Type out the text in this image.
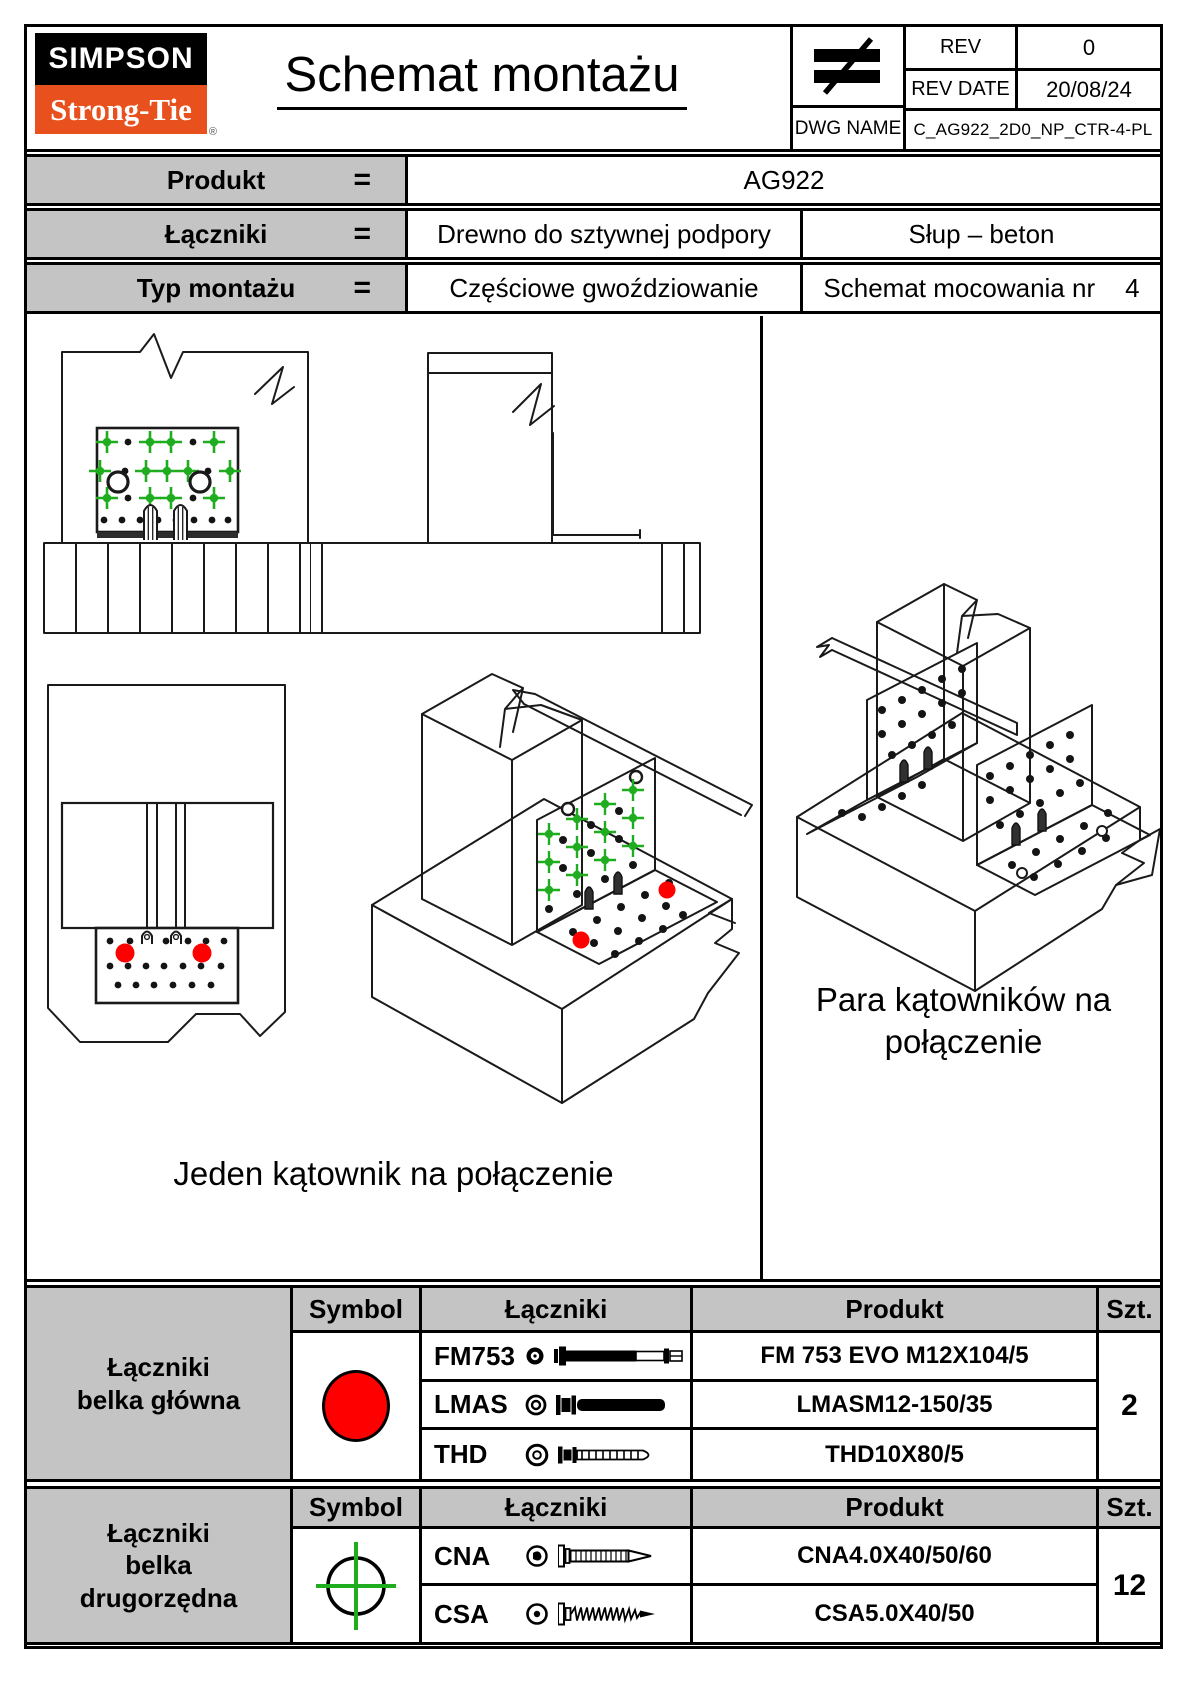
SIMPSON
Strong-Tie
®
Schemat montażu
REV	0
REV DATE	20/08/24
DWG NAME C_AG922_2D0_NP_CTR-4-PL
Produkt	=	AG922
Łączniki	=	Drewno do sztywnej podpory	Słup – beton
Typ montażu =	Częściowe gwoździowanie	Schemat mocowania nr 4
Jeden kątownik na połączenie
Para kątowników na
połączenie
Łączniki
belka główna
Symbol	Łączniki	Produkt	Szt.
FM753	FM 753 EVO M12X104/5
LMAS	LMASM12-150/35
THD	THD10X80/5
2
Łączniki
belka
drugorzędna
Symbol	Łączniki	Produkt	Szt.
CNA	CNA4.0X40/50/60
CSA	CSA5.0X40/50
12
